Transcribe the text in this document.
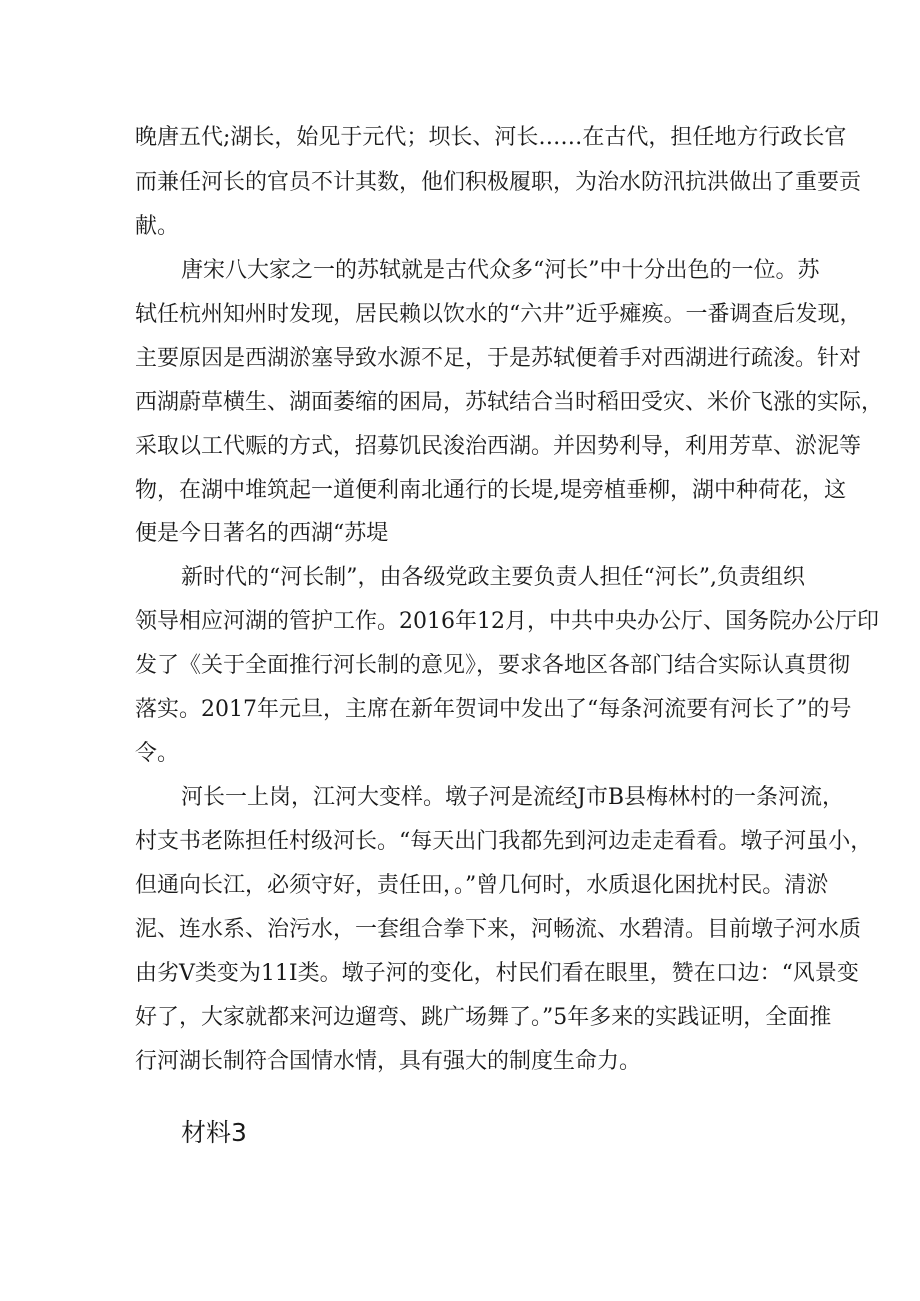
晚唐五代;湖长，始见于元代；坝长、河长……在古代，担任地方行政长官
而兼任河长的官员不计其数，他们积极履职，为治水防汛抗洪做出了重要贡
献。
唐宋八大家之一的苏轼就是古代众多“河长”中十分出色的一位。苏
轼任杭州知州时发现，居民赖以饮水的“六井”近乎瘫痪。一番调查后发现，
主要原因是西湖淤塞导致水源不足，于是苏轼便着手对西湖进行疏浚。针对
西湖蔚草横生、湖面萎缩的困局，苏轼结合当时稻田受灾、米价飞涨的实际，
采取以工代赈的方式，招募饥民浚治西湖。并因势利导，利用芳草、淤泥等
物，在湖中堆筑起一道便利南北通行的长堤,堤旁植垂柳，湖中种荷花，这
便是今日著名的西湖“苏堤
新时代的“河长制”，由各级党政主要负责人担任“河长”,负责组织
领导相应河湖的管护工作。2016年12月，中共中央办公厅、国务院办公厅印
发了《关于全面推行河长制的意见》，要求各地区各部门结合实际认真贯彻
落实。2017年元旦，主席在新年贺词中发出了“每条河流要有河长了”的号
令。
河长一上岗，江河大变样。墩子河是流经J市B县梅林村的一条河流，
村支书老陈担任村级河长。“每天出门我都先到河边走走看看。墩子河虽小，
但通向长江，必须守好，责任田，。”曾几何时，水质退化困扰村民。清淤
泥、连水系、治污水，一套组合拳下来，河畅流、水碧清。目前墩子河水质
由劣V类变为11I类。墩子河的变化，村民们看在眼里，赞在口边：“风景变
好了，大家就都来河边遛弯、跳广场舞了。”5年多来的实践证明，全面推
行河湖长制符合国情水情，具有强大的制度生命力。
材料3
